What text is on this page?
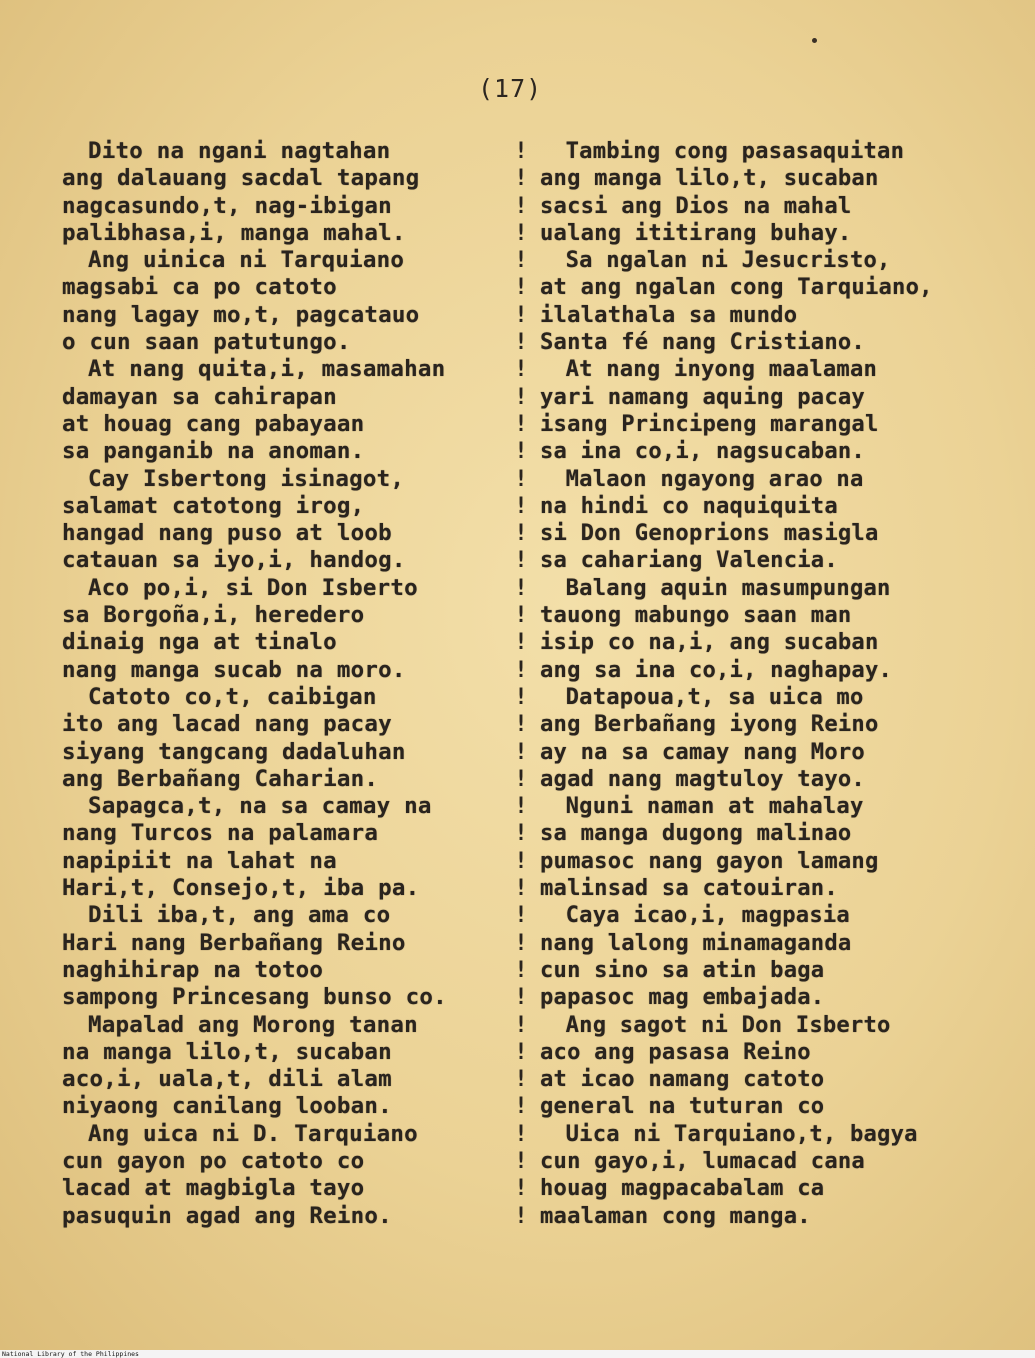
(17)

Dito na ngani nagtahan
ang dalauang sacdal tapang
nagcasundo,t, nag-ibigan
palibhasa,i, manga mahal.
Ang uinica ni Tarquiano
magsabi ca po catoto
nang lagay mo,t, pagcatauo
o cun saan patutungo.
At nang quita,i, masamahan
damayan sa cahirapan
at houag cang pabayaan
sa panganib na anoman.
Cay Isbertong isinagot,
salamat catotong irog,
hangad nang puso at loob
catauan sa iyo,i, handog.
Aco po,i, si Don Isberto
sa Borgoña,i, heredero
dinaig nga at tinalo
nang manga sucab na moro.
Catoto co,t, caibigan
ito ang lacad nang pacay
siyang tangcang dadaluhan
ang Berbañang Caharian.
Sapagca,t, na sa camay na
nang Turcos na palamara
napipiit na lahat na
Hari,t, Consejo,t, iba pa.
Dili iba,t, ang ama co
Hari nang Berbañang Reino
naghihirap na totoo
sampong Princesang bunso co.
Mapalad ang Morong tanan
na manga lilo,t, sucaban
aco,i, uala,t, dili alam
niyaong canilang looban.
Ang uica ni D. Tarquiano
cun gayon po catoto co
lacad at magbigla tayo
pasuquin agad ang Reino.
!
!
!
!
!
!
!
!
!
!
!
!
!
!
!
!
!
!
!
!
!
!
!
!
!
!
!
!
!
!
!
!
!
!
!
!
!
!
!
!
Tambing cong pasasaquitan
ang manga lilo,t, sucaban
sacsi ang Dios na mahal
ualang ititirang buhay.
Sa ngalan ni Jesucristo,
at ang ngalan cong Tarquiano,
ilalathala sa mundo
Santa fé nang Cristiano.
At nang inyong maalaman
yari namang aquing pacay
isang Principeng marangal
sa ina co,i, nagsucaban.
Malaon ngayong arao na
na hindi co naquiquita
si Don Genoprions masigla
sa cahariang Valencia.
Balang aquin masumpungan
tauong mabungo saan man
isip co na,i, ang sucaban
ang sa ina co,i, naghapay.
Datapoua,t, sa uica mo
ang Berbañang iyong Reino
ay na sa camay nang Moro
agad nang magtuloy tayo.
Nguni naman at mahalay
sa manga dugong malinao
pumasoc nang gayon lamang
malinsad sa catouiran.
Caya icao,i, magpasia
nang lalong minamaganda
cun sino sa atin baga
papasoc mag embajada.
Ang sagot ni Don Isberto
aco ang pasasa Reino
at icao namang catoto
general na tuturan co
Uica ni Tarquiano,t, bagya
cun gayo,i, lumacad cana
houag magpacabalam ca
maalaman cong manga.

National Library of the Philippines
